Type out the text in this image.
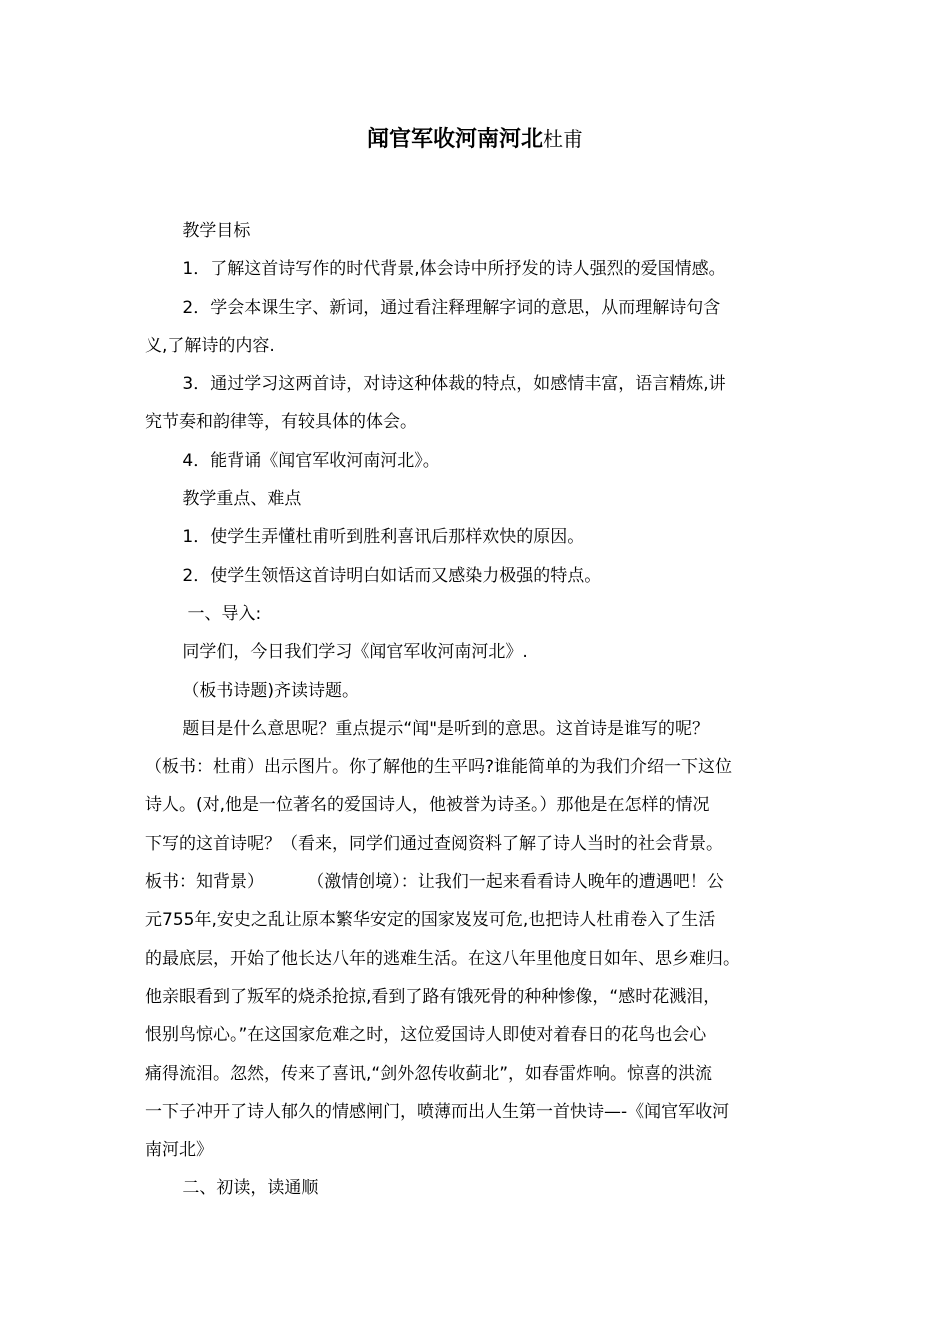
闻官军收河南河北杜甫

教学目标

1．了解这首诗写作的时代背景,体会诗中所抒发的诗人强烈的爱国情感。

2．学会本课生字、新词，通过看注释理解字词的意思，从而理解诗句含
义,了解诗的内容.

3．通过学习这两首诗，对诗这种体裁的特点，如感情丰富，语言精炼,讲
究节奏和韵律等，有较具体的体会。

4．能背诵《闻官军收河南河北》。

教学重点、难点

1．使学生弄懂杜甫听到胜利喜讯后那样欢快的原因。

2．使学生领悟这首诗明白如话而又感染力极强的特点。

一、导入:

同学们，今日我们学习《闻官军收河南河北》.

（板书诗题)齐读诗题。

题目是什么意思呢？重点提示“闻"是听到的意思。这首诗是谁写的呢？
（板书：杜甫）出示图片。你了解他的生平吗?谁能简单的为我们介绍一下这位
诗人。(对,他是一位著名的爱国诗人，他被誉为诗圣。）那他是在怎样的情况
下写的这首诗呢？（看来，同学们通过查阅资料了解了诗人当时的社会背景。
板书：知背景）        （激情创境）：让我们一起来看看诗人晚年的遭遇吧！公
元755年,安史之乱让原本繁华安定的国家岌岌可危,也把诗人杜甫卷入了生活
的最底层，开始了他长达八年的逃难生活。在这八年里他度日如年、思乡难归。
他亲眼看到了叛军的烧杀抢掠,看到了路有饿死骨的种种惨像，“感时花溅泪，
恨别鸟惊心。”在这国家危难之时，这位爱国诗人即使对着春日的花鸟也会心
痛得流泪。忽然，传来了喜讯,“剑外忽传收蓟北”，如春雷炸响。惊喜的洪流
一下子冲开了诗人郁久的情感闸门，喷薄而出人生第一首快诗—-《闻官军收河
南河北》

二、初读，读通顺
